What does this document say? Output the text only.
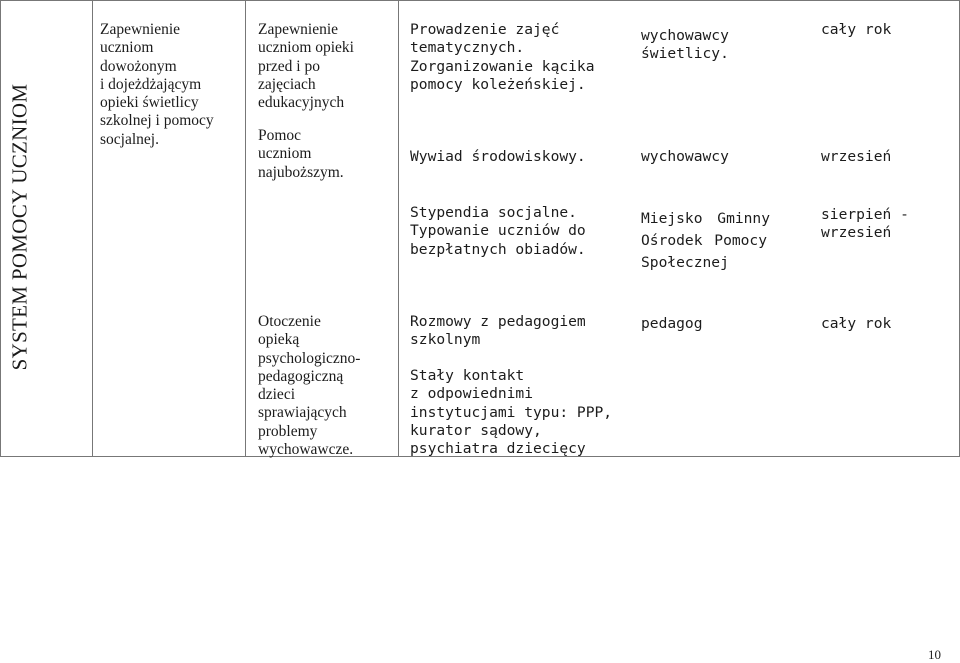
SYSTEM POMOCY UCZNIOM
Zapewnienie
uczniom
dowożonym
i dojeżdżającym
opieki świetlicy
szkolnej i pomocy
socjalnej.
Zapewnienie
uczniom opieki
przed i po
zajęciach
edukacyjnych
Pomoc
uczniom
najuboższym.
Otoczenie
opieką
psychologiczno-
pedagogiczną
dzieci
sprawiających
problemy
wychowawcze.
Prowadzenie zajęć
tematycznych.
Zorganizowanie kącika
pomocy koleżeńskiej.
Wywiad środowiskowy.
Stypendia socjalne.
Typowanie uczniów do
bezpłatnych obiadów.
Rozmowy z pedagogiem
szkolnym
Stały kontakt
z odpowiednimi
instytucjami typu: PPP,
kurator sądowy,
psychiatra dziecięcy
wychowawcy
świetlicy.
wychowawcy
Miejsko Gminny
Ośrodek Pomocy
Społecznej
pedagog
cały rok
wrzesień
sierpień -
wrzesień
cały rok
10
